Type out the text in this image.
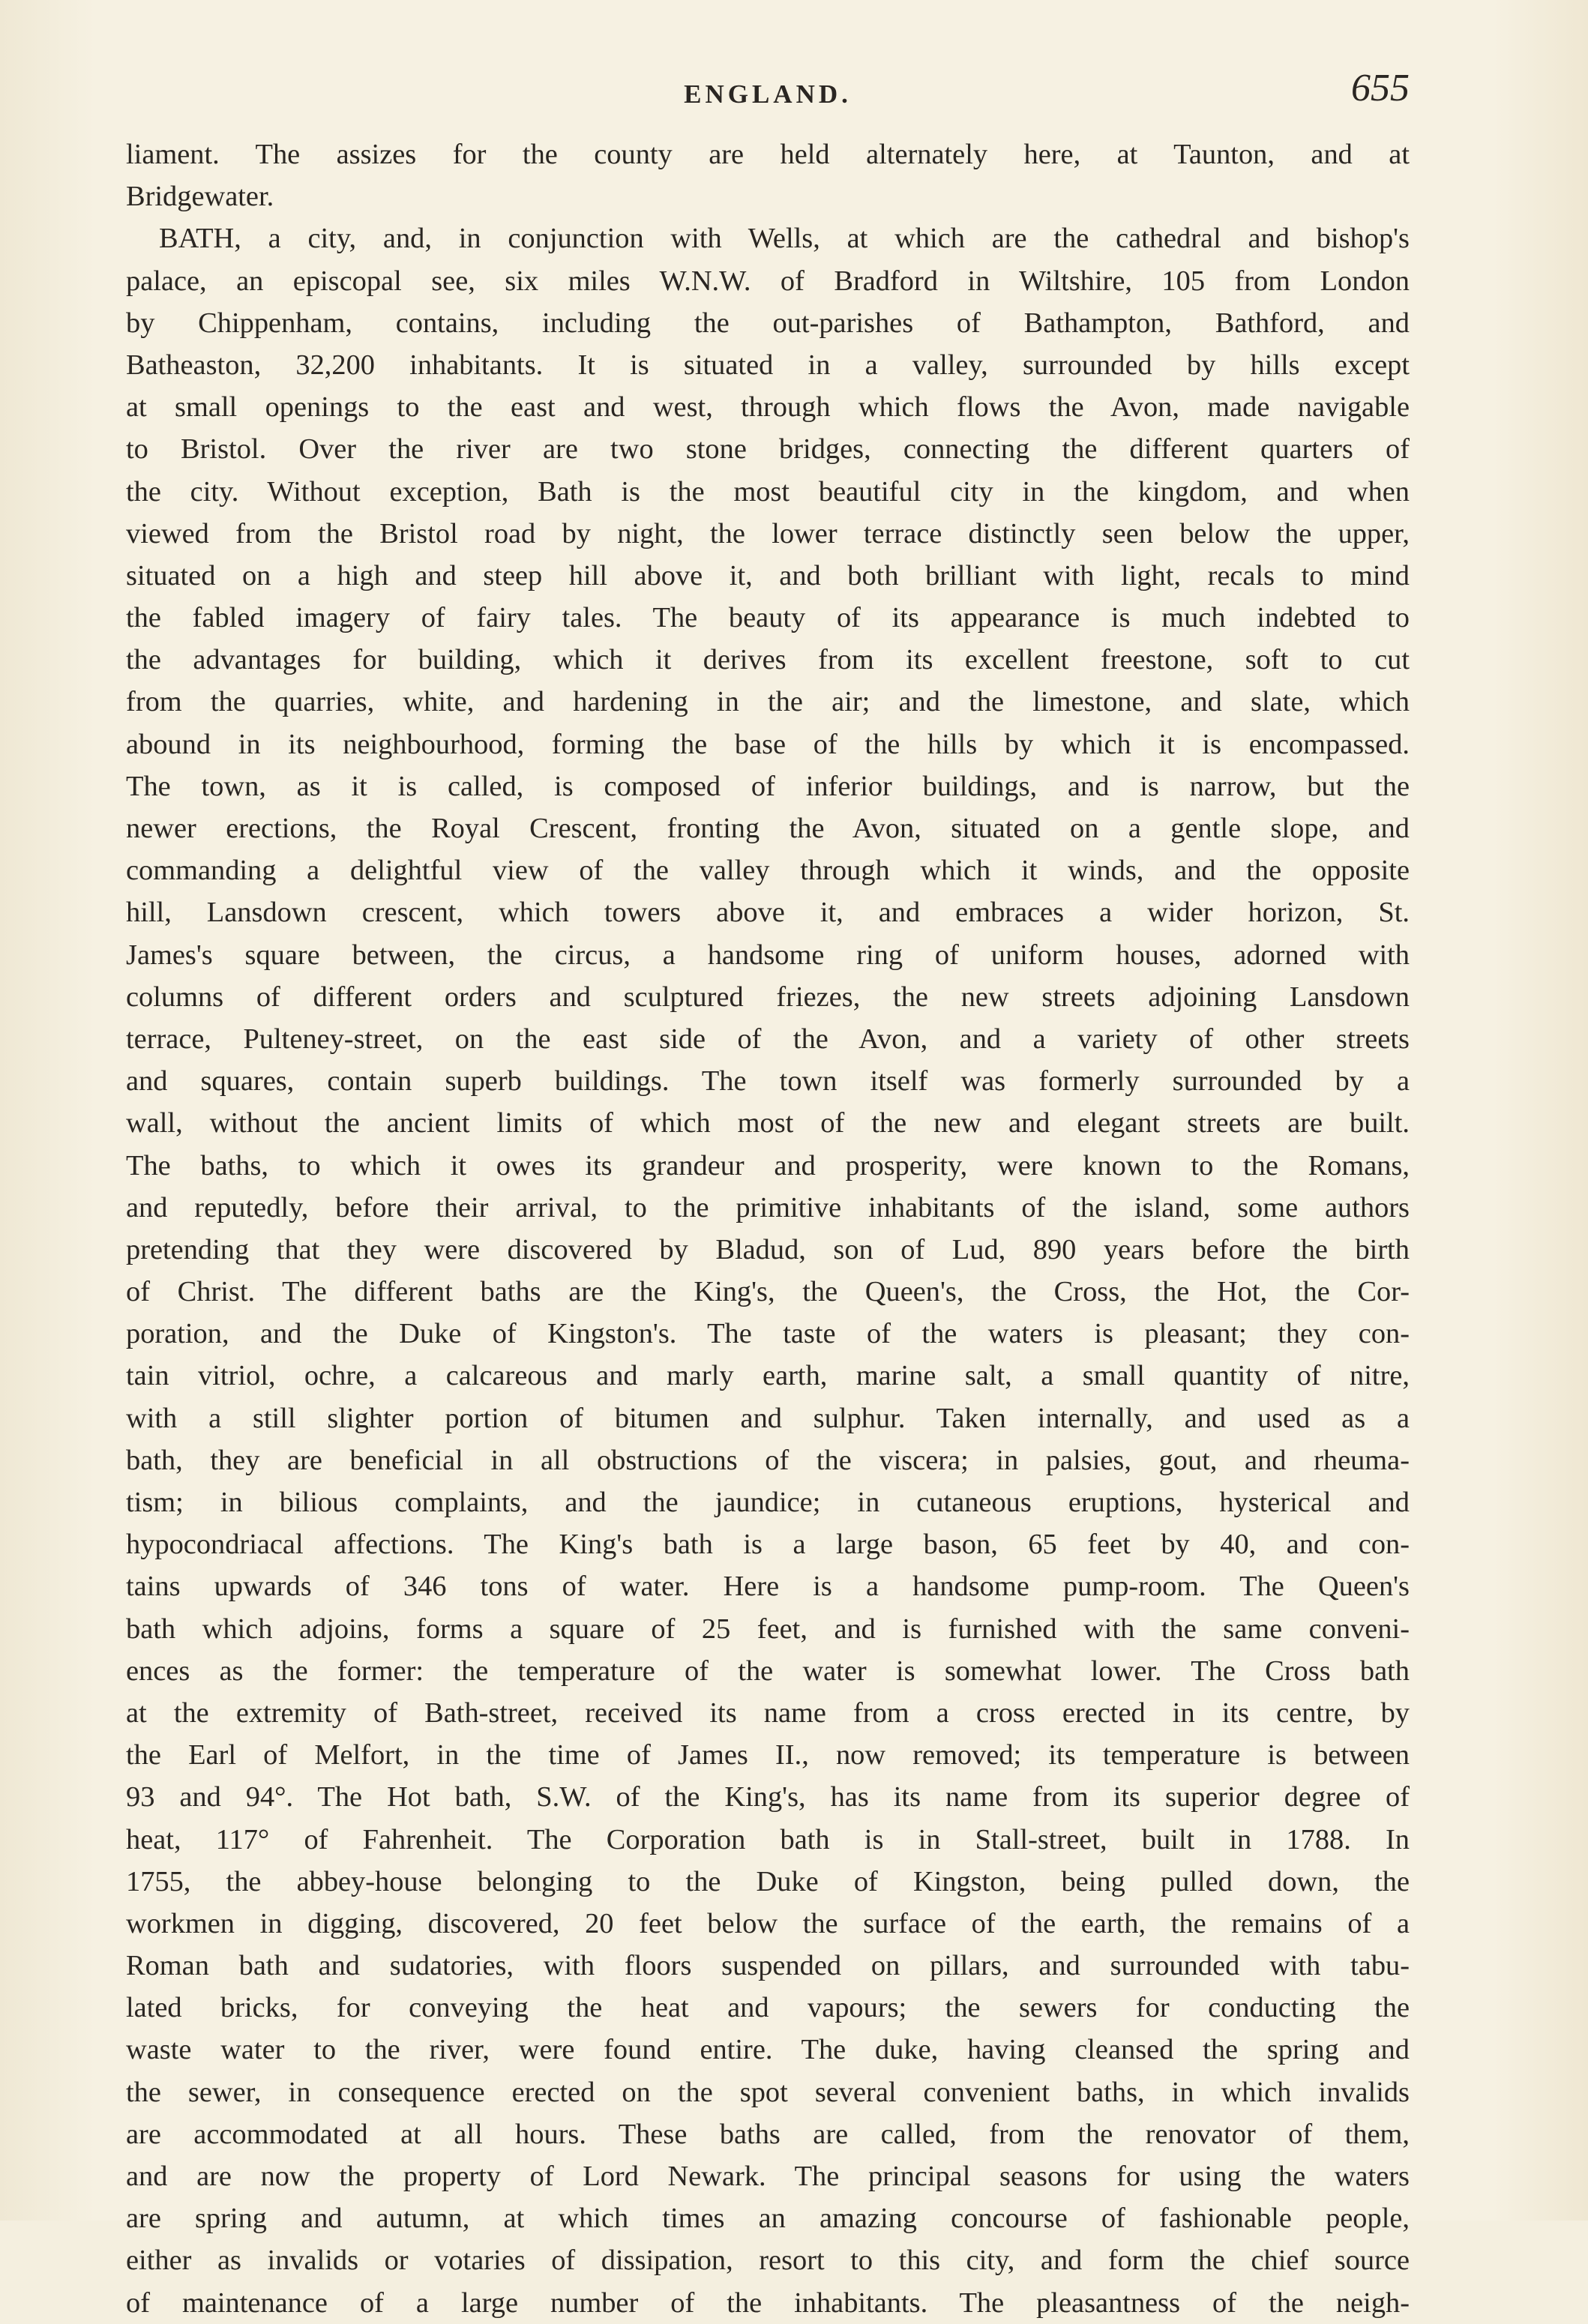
ENGLAND.	655
liament. The assizes for the county are held alternately here, at Taunton, and at
Bridgewater.
BATH, a city, and, in conjunction with Wells, at which are the cathedral and bishop's
palace, an episcopal see, six miles W.N.W. of Bradford in Wiltshire, 105 from London
by Chippenham, contains, including the out-parishes of Bathampton, Bathford, and
Batheaston, 32,200 inhabitants. It is situated in a valley, surrounded by hills except
at small openings to the east and west, through which flows the Avon, made navigable
to Bristol. Over the river are two stone bridges, connecting the different quarters of
the city. Without exception, Bath is the most beautiful city in the kingdom, and when
viewed from the Bristol road by night, the lower terrace distinctly seen below the upper,
situated on a high and steep hill above it, and both brilliant with light, recals to mind
the fabled imagery of fairy tales. The beauty of its appearance is much indebted to
the advantages for building, which it derives from its excellent freestone, soft to cut
from the quarries, white, and hardening in the air; and the limestone, and slate, which
abound in its neighbourhood, forming the base of the hills by which it is encompassed.
The town, as it is called, is composed of inferior buildings, and is narrow, but the
newer erections, the Royal Crescent, fronting the Avon, situated on a gentle slope, and
commanding a delightful view of the valley through which it winds, and the opposite
hill, Lansdown crescent, which towers above it, and embraces a wider horizon, St.
James's square between, the circus, a handsome ring of uniform houses, adorned with
columns of different orders and sculptured friezes, the new streets adjoining Lansdown
terrace, Pulteney-street, on the east side of the Avon, and a variety of other streets
and squares, contain superb buildings. The town itself was formerly surrounded by a
wall, without the ancient limits of which most of the new and elegant streets are built.
The baths, to which it owes its grandeur and prosperity, were known to the Romans,
and reputedly, before their arrival, to the primitive inhabitants of the island, some authors
pretending that they were discovered by Bladud, son of Lud, 890 years before the birth
of Christ. The different baths are the King's, the Queen's, the Cross, the Hot, the Cor-
poration, and the Duke of Kingston's. The taste of the waters is pleasant; they con-
tain vitriol, ochre, a calcareous and marly earth, marine salt, a small quantity of nitre,
with a still slighter portion of bitumen and sulphur. Taken internally, and used as a
bath, they are beneficial in all obstructions of the viscera; in palsies, gout, and rheuma-
tism; in bilious complaints, and the jaundice; in cutaneous eruptions, hysterical and
hypocondriacal affections. The King's bath is a large bason, 65 feet by 40, and con-
tains upwards of 346 tons of water. Here is a handsome pump-room. The Queen's
bath which adjoins, forms a square of 25 feet, and is furnished with the same conveni-
ences as the former: the temperature of the water is somewhat lower. The Cross bath
at the extremity of Bath-street, received its name from a cross erected in its centre, by
the Earl of Melfort, in the time of James II., now removed; its temperature is between
93 and 94°. The Hot bath, S.W. of the King's, has its name from its superior degree of
heat, 117° of Fahrenheit. The Corporation bath is in Stall-street, built in 1788. In
1755, the abbey-house belonging to the Duke of Kingston, being pulled down, the
workmen in digging, discovered, 20 feet below the surface of the earth, the remains of a
Roman bath and sudatories, with floors suspended on pillars, and surrounded with tabu-
lated bricks, for conveying the heat and vapours; the sewers for conducting the
waste water to the river, were found entire. The duke, having cleansed the spring and
the sewer, in consequence erected on the spot several convenient baths, in which invalids
are accommodated at all hours. These baths are called, from the renovator of them,
and are now the property of Lord Newark. The principal seasons for using the waters
are spring and autumn, at which times an amazing concourse of fashionable people,
either as invalids or votaries of dissipation, resort to this city, and form the chief source
of maintenance of a large number of the inhabitants. The pleasantness of the neigh-
